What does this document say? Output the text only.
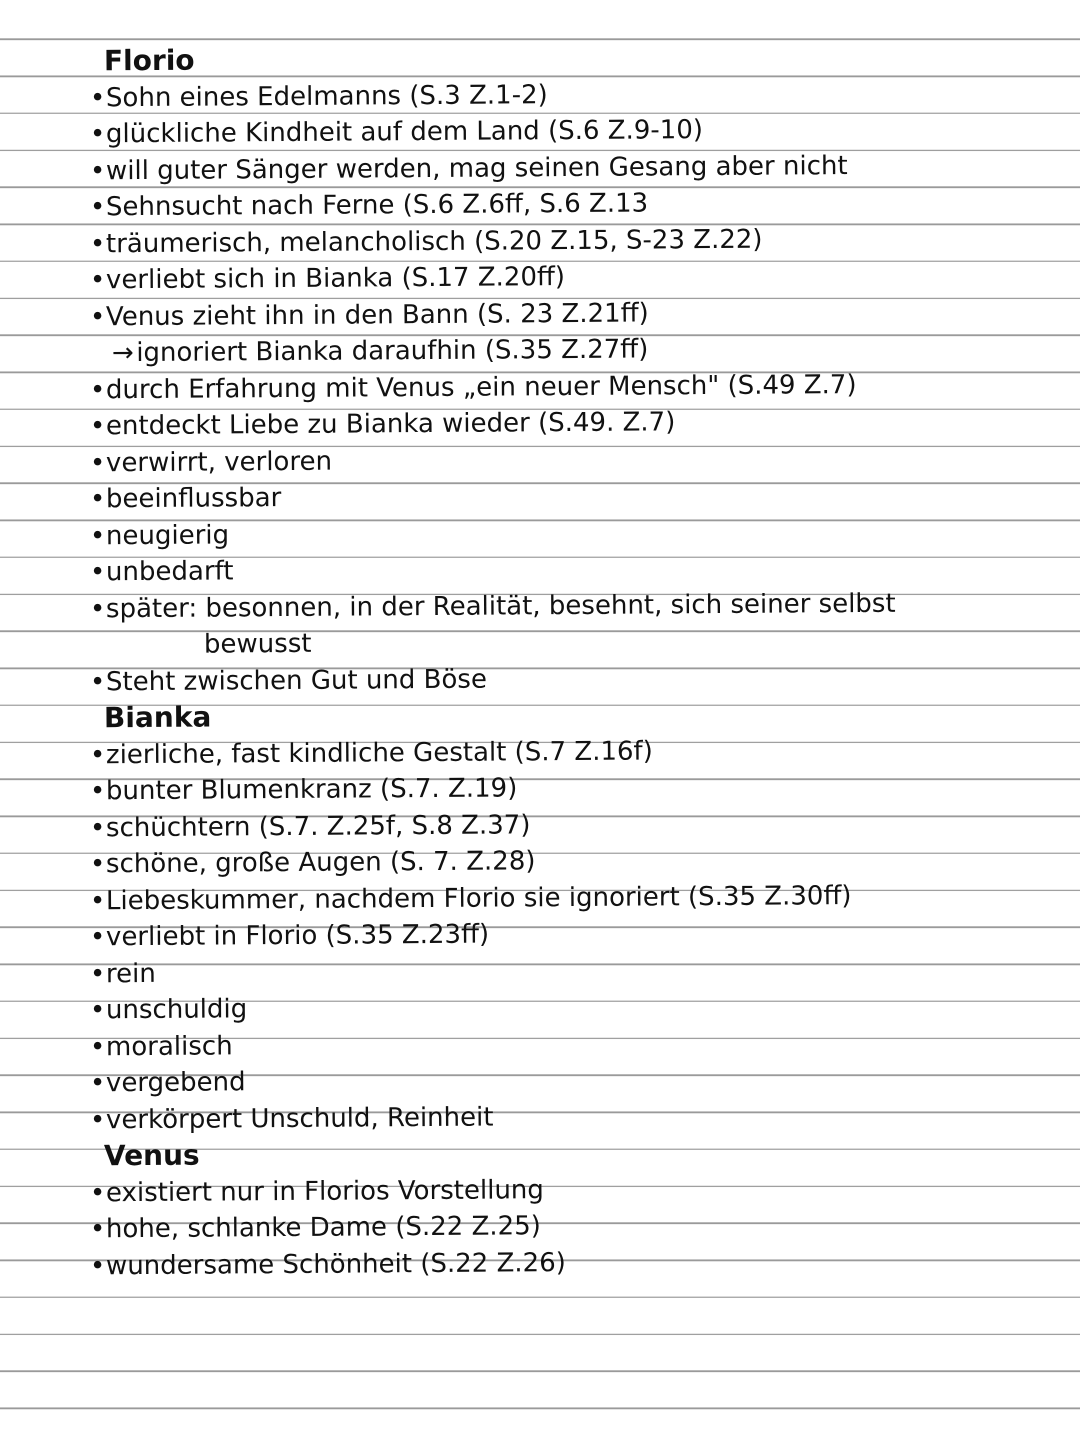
Florio
•Sohn eines Edelmanns (S.3 Z.1-2)
•glückliche Kindheit auf dem Land (S.6 Z.9-10)
•will guter Sänger werden, mag seinen Gesang aber nicht
•Sehnsucht nach Ferne (S.6 Z.6ff, S.6 Z.13
•träumerisch, melancholisch (S.20 Z.15, S-23 Z.22)
•verliebt sich in Bianka (S.17 Z.20ff)
•Venus zieht ihn in den Bann (S. 23 Z.21ff)
→ ignoriert Bianka daraufhin (S.35 Z.27ff)
•durch Erfahrung mit Venus „ein neuer Mensch" (S.49 Z.7)
•entdeckt Liebe zu Bianka wieder (S.49. Z.7)
•verwirrt, verloren
•beeinflussbar
•neugierig
•unbedarft
•später: besonnen, in der Realität, besehnt, sich seiner selbst
bewusst
•Steht zwischen Gut und Böse
Bianka
•zierliche, fast kindliche Gestalt (S.7 Z.16f)
•bunter Blumenkranz (S.7. Z.19)
•schüchtern (S.7. Z.25f, S.8 Z.37)
•schöne, große Augen (S. 7. Z.28)
•Liebeskummer, nachdem Florio sie ignoriert (S.35 Z.30ff)
•verliebt in Florio (S.35 Z.23ff)
•rein
•unschuldig
•moralisch
•vergebend
•verkörpert Unschuld, Reinheit
Venus
•existiert nur in Florios Vorstellung
•hohe, schlanke Dame (S.22 Z.25)
•wundersame Schönheit (S.22 Z.26)
